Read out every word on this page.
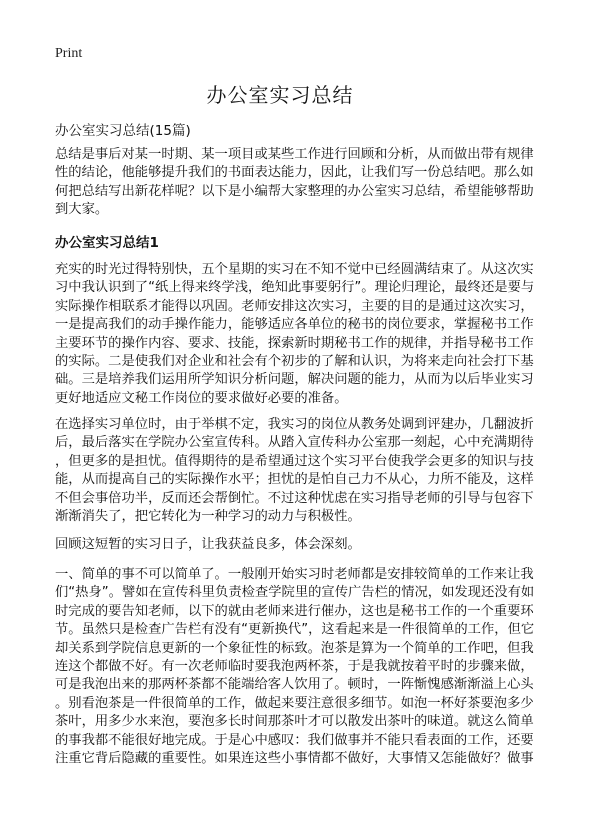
Print
办公室实习总结
办公室实习总结(15篇)
总结是事后对某一时期、某一项目或某些工作进行回顾和分析，从而做出带有规律
性的结论，他能够提升我们的书面表达能力，因此，让我们写一份总结吧。那么如
何把总结写出新花样呢？以下是小编帮大家整理的办公室实习总结，希望能够帮助
到大家。
办公室实习总结1
充实的时光过得特别快，五个星期的实习在不知不觉中已经圆满结束了。从这次实
习中我认识到了“纸上得来终学浅，绝知此事要躬行”。理论归理论，最终还是要与
实际操作相联系才能得以巩固。老师安排这次实习，主要的目的是通过这次实习，
一是提高我们的动手操作能力，能够适应各单位的秘书的岗位要求，掌握秘书工作
主要环节的操作内容、要求、技能，探索新时期秘书工作的规律，并指导秘书工作
的实际。二是使我们对企业和社会有个初步的了解和认识，为将来走向社会打下基
础。三是培养我们运用所学知识分析问题，解决问题的能力，从而为以后毕业实习
更好地适应文秘工作岗位的要求做好必要的准备。
在选择实习单位时，由于举棋不定，我实习的岗位从教务处调到评建办，几翻波折
后，最后落实在学院办公室宣传科。从踏入宣传科办公室那一刻起，心中充满期待
，但更多的是担忧。值得期待的是希望通过这个实习平台使我学会更多的知识与技
能，从而提高自己的实际操作水平；担忧的是怕自己力不从心，力所不能及，这样
不但会事倍功半，反而还会帮倒忙。不过这种忧虑在实习指导老师的引导与包容下
渐渐消失了，把它转化为一种学习的动力与积极性。
回顾这短暂的实习日子，让我获益良多，体会深刻。
一、简单的事不可以简单了。一般刚开始实习时老师都是安排较简单的工作来让我
们“热身”。譬如在宣传科里负责检查学院里的宣传广告栏的情况，如发现还没有如
时完成的要告知老师，以下的就由老师来进行催办，这也是秘书工作的一个重要环
节。虽然只是检查广告栏有没有“更新换代”，这看起来是一件很简单的工作，但它
却关系到学院信息更新的一个象征性的标致。泡茶是算为一个简单的工作吧，但我
连这个都做不好。有一次老师临时要我泡两杯茶，于是我就按着平时的步骤来做，
可是我泡出来的那两杯茶都不能端给客人饮用了。顿时，一阵惭愧感渐渐溢上心头
。别看泡茶是一件很简单的工作，做起来要注意很多细节。如泡一杯好茶要泡多少
茶叶，用多少水来泡，要泡多长时间那茶叶才可以散发出茶叶的味道。就这么简单
的事我都不能很好地完成。于是心中感叹：我们做事并不能只看表面的工作，还要
注重它背后隐藏的重要性。如果连这些小事情都不做好，大事情又怎能做好？做事
